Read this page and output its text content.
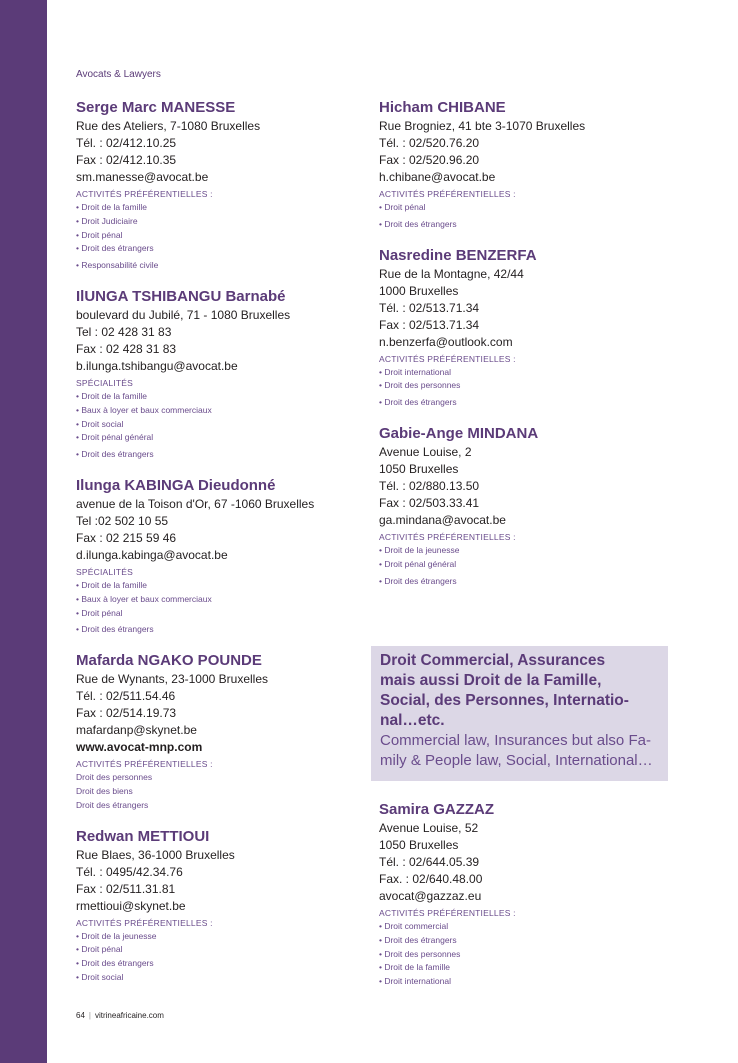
Avocats & Lawyers
Serge Marc MANESSE
Rue des Ateliers, 7-1080 Bruxelles
Tél. : 02/412.10.25
Fax : 02/412.10.35
sm.manesse@avocat.be
ACTIVITÉS PRÉFÉRENTIELLES :
• Droit de la famille
• Droit Judiciaire
• Droit pénal
• Droit des étrangers
• Responsabilité civile
IlUNGA TSHIBANGU Barnabé
boulevard du Jubilé, 71 - 1080 Bruxelles
Tel : 02 428 31 83
Fax : 02 428 31 83
b.ilunga.tshibangu@avocat.be
SPÉCIALITÉS
• Droit de la famille
• Baux à loyer et baux commerciaux
• Droit social
• Droit pénal général
• Droit des étrangers
Ilunga KABINGA Dieudonné
avenue de la Toison d'Or, 67 -1060 Bruxelles
Tel :02 502 10 55
Fax : 02 215 59 46
d.ilunga.kabinga@avocat.be
SPÉCIALITÉS
• Droit de la famille
• Baux à loyer et baux commerciaux
• Droit pénal
• Droit des étrangers
Mafarda NGAKO POUNDE
Rue de Wynants, 23-1000 Bruxelles
Tél. : 02/511.54.46
Fax : 02/514.19.73
mafardanp@skynet.be
www.avocat-mnp.com
ACTIVITÉS PRÉFÉRENTIELLES :
Droit des personnes
Droit des biens
Droit des étrangers
Redwan METTIOUI
Rue Blaes, 36-1000 Bruxelles
Tél. : 0495/42.34.76
Fax : 02/511.31.81
rmettioui@skynet.be
ACTIVITÉS PRÉFÉRENTIELLES :
• Droit de la jeunesse
• Droit pénal
• Droit des étrangers
• Droit social
Hicham CHIBANE
Rue Brogniez, 41 bte 3-1070 Bruxelles
Tél. : 02/520.76.20
Fax : 02/520.96.20
h.chibane@avocat.be
ACTIVITÉS PRÉFÉRENTIELLES :
• Droit pénal
• Droit des étrangers
Nasredine BENZERFA
Rue de la Montagne, 42/44
1000 Bruxelles
Tél. : 02/513.71.34
Fax : 02/513.71.34
n.benzerfa@outlook.com
ACTIVITÉS PRÉFÉRENTIELLES :
• Droit international
• Droit des personnes
• Droit des étrangers
Gabie-Ange MINDANA
Avenue Louise, 2
1050 Bruxelles
Tél. : 02/880.13.50
Fax : 02/503.33.41
ga.mindana@avocat.be
ACTIVITÉS PRÉFÉRENTIELLES :
• Droit de la jeunesse
• Droit pénal général
• Droit des étrangers
Droit Commercial, Assurances
mais aussi Droit de la Famille,
Social, des Personnes, Internatio-
nal…etc.
Commercial law, Insurances but also Fa-
mily & People law, Social, International…
Samira GAZZAZ
Avenue Louise, 52
1050 Bruxelles
Tél. : 02/644.05.39
Fax. : 02/640.48.00
avocat@gazzaz.eu
ACTIVITÉS PRÉFÉRENTIELLES :
• Droit commercial
• Droit des étrangers
• Droit des personnes
• Droit de la famille
• Droit international
64 | vitrineafricaine.com
